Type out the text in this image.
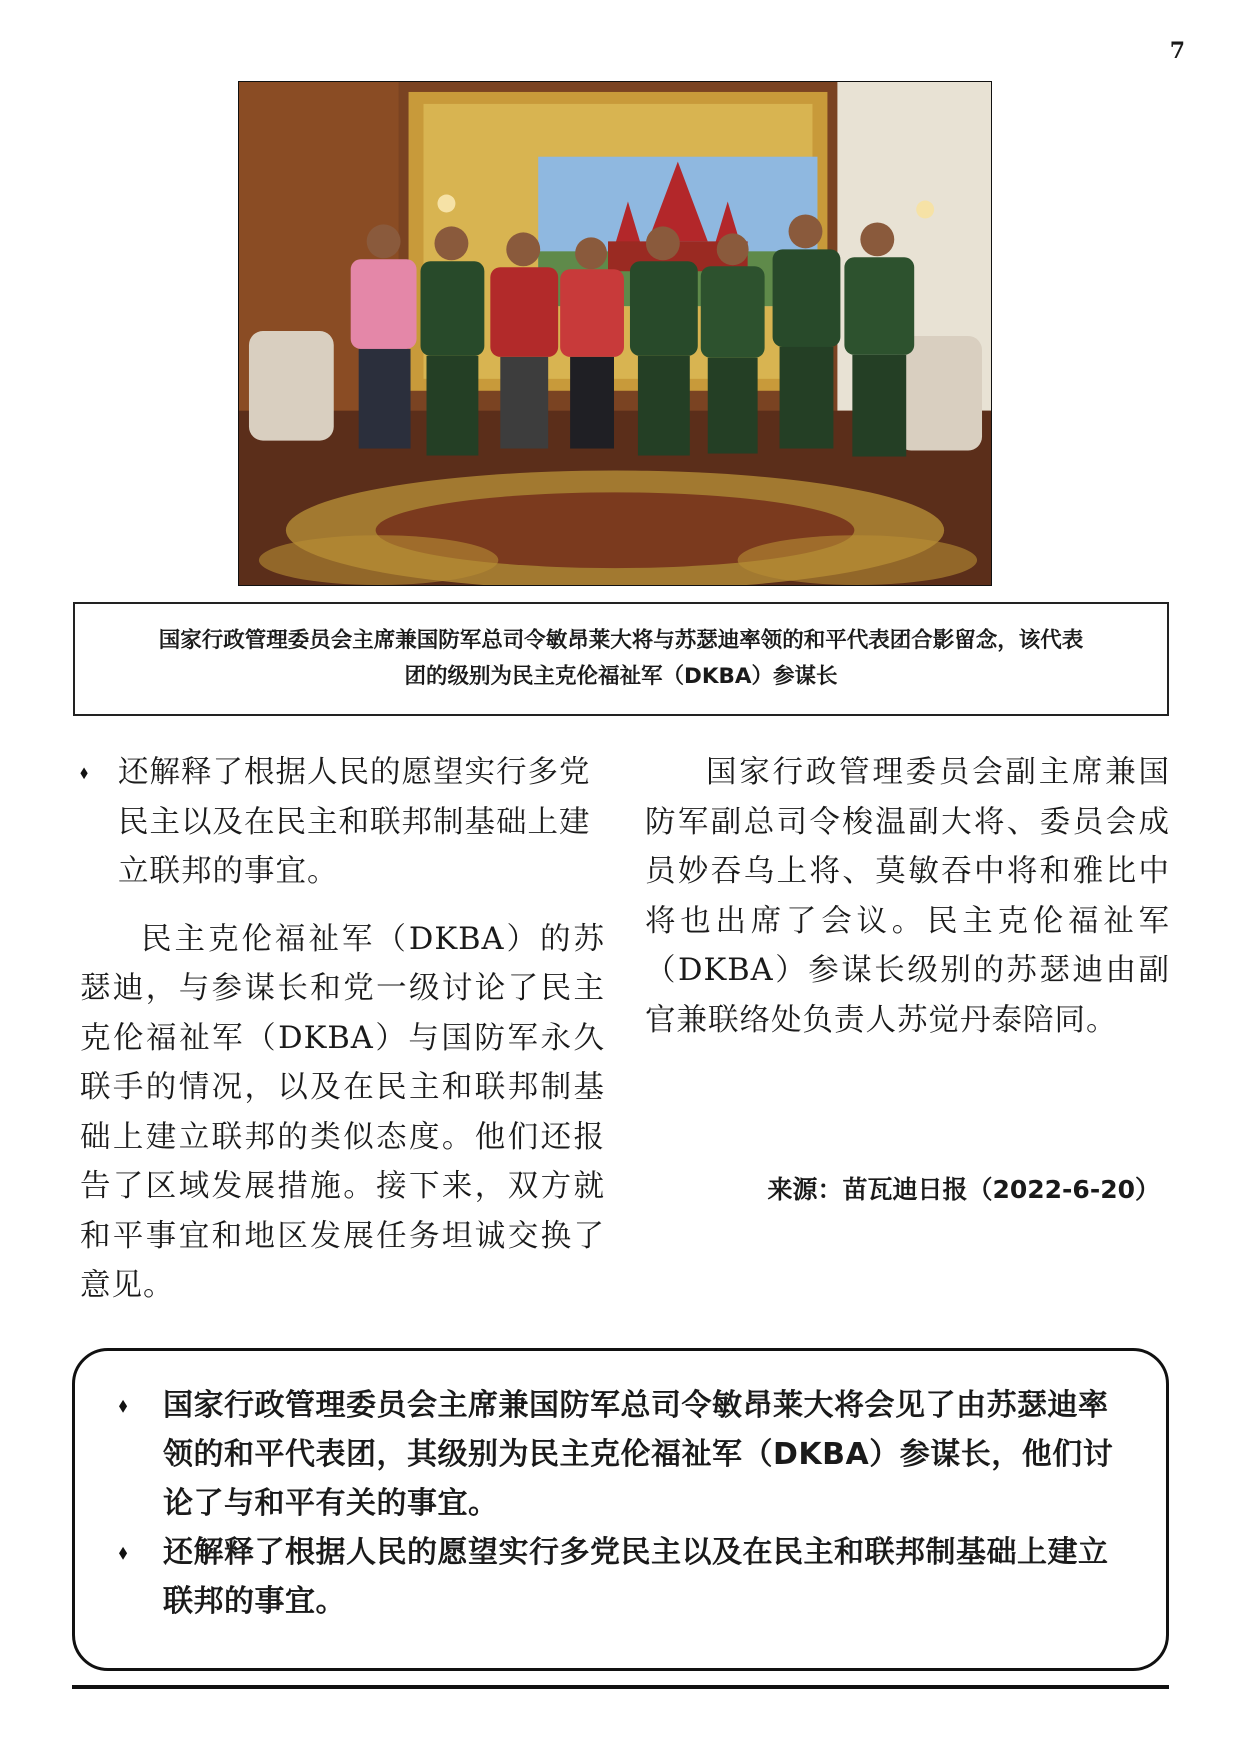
7
国家行政管理委员会主席兼国防军总司令敏昂莱大将与苏瑟迪率领的和平代表团合影留念，该代表
团的级别为民主克伦福祉军（DKBA）参谋长
⬧ 还解释了根据人民的愿望实行多党民主以及在民主和联邦制基础上建立联邦的事宜。
民主克伦福祉军（DKBA）的苏瑟迪，与参谋长和党一级讨论了民主克伦福祉军（DKBA）与国防军永久联手的情况，以及在民主和联邦制基础上建立联邦的类似态度。他们还报告了区域发展措施。接下来，双方就和平事宜和地区发展任务坦诚交换了意见。
国家行政管理委员会副主席兼国防军副总司令梭温副大将、委员会成员妙吞乌上将、莫敏吞中将和雅比中将也出席了会议。民主克伦福祉军（DKBA）参谋长级别的苏瑟迪由副官兼联络处负责人苏觉丹泰陪同。
来源：苗瓦迪日报（2022-6-20）
⬧ 国家行政管理委员会主席兼国防军总司令敏昂莱大将会见了由苏瑟迪率领的和平代表团，其级别为民主克伦福祉军（DKBA）参谋长，他们讨论了与和平有关的事宜。
⬧ 还解释了根据人民的愿望实行多党民主以及在民主和联邦制基础上建立联邦的事宜。
